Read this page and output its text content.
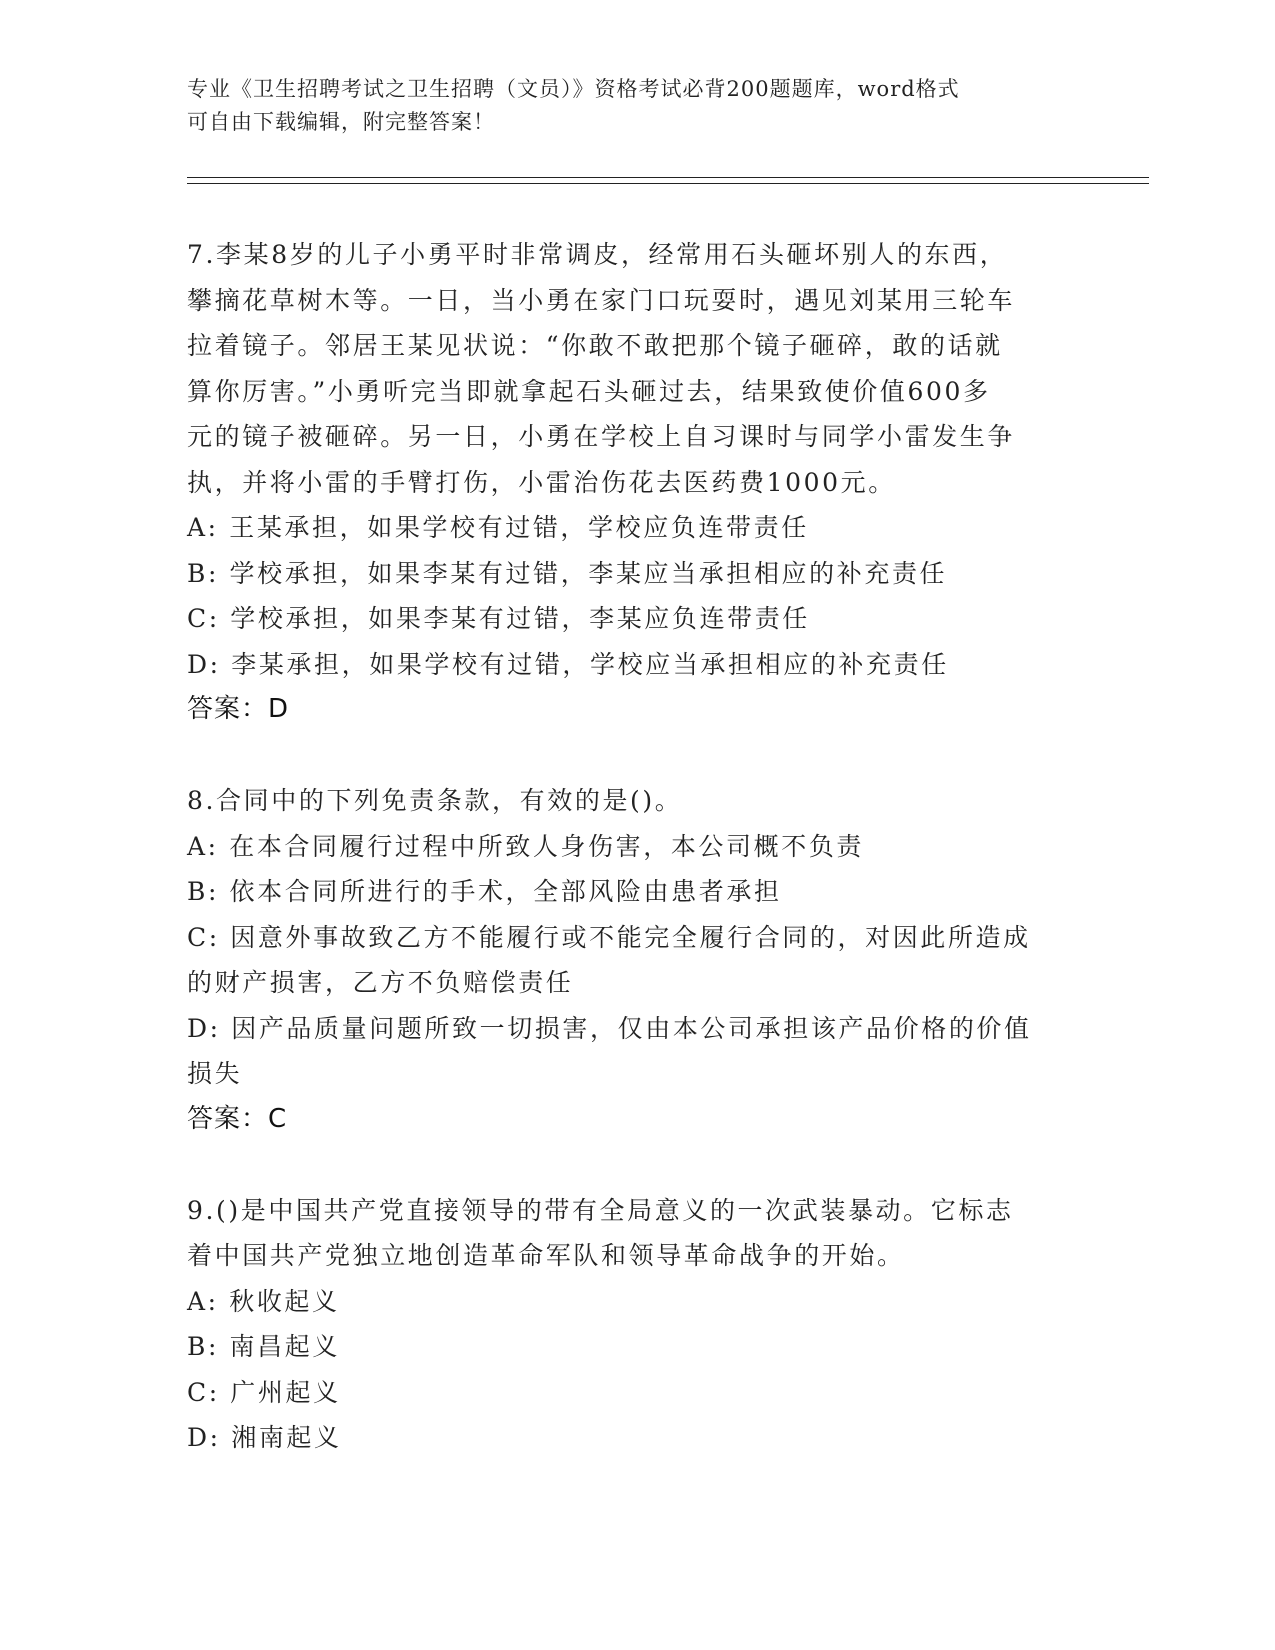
专业《卫生招聘考试之卫生招聘（文员）》资格考试必背200题题库，word格式
可自由下载编辑，附完整答案！
7.李某8岁的儿子小勇平时非常调皮，经常用石头砸坏别人的东西，
攀摘花草树木等。一日，当小勇在家门口玩耍时，遇见刘某用三轮车
拉着镜子。邻居王某见状说：“你敢不敢把那个镜子砸碎，敢的话就
算你厉害。”小勇听完当即就拿起石头砸过去，结果致使价值600多
元的镜子被砸碎。另一日，小勇在学校上自习课时与同学小雷发生争
执，并将小雷的手臂打伤，小雷治伤花去医药费1000元。
A: 王某承担，如果学校有过错，学校应负连带责任
B: 学校承担，如果李某有过错，李某应当承担相应的补充责任
C: 学校承担，如果李某有过错，李某应负连带责任
D: 李某承担，如果学校有过错，学校应当承担相应的补充责任
答案：D
8.合同中的下列免责条款，有效的是()。
A: 在本合同履行过程中所致人身伤害，本公司概不负责
B: 依本合同所进行的手术，全部风险由患者承担
C: 因意外事故致乙方不能履行或不能完全履行合同的，对因此所造成
的财产损害，乙方不负赔偿责任
D: 因产品质量问题所致一切损害，仅由本公司承担该产品价格的价值
损失
答案：C
9.()是中国共产党直接领导的带有全局意义的一次武装暴动。它标志
着中国共产党独立地创造革命军队和领导革命战争的开始。
A: 秋收起义
B: 南昌起义
C: 广州起义
D: 湘南起义
